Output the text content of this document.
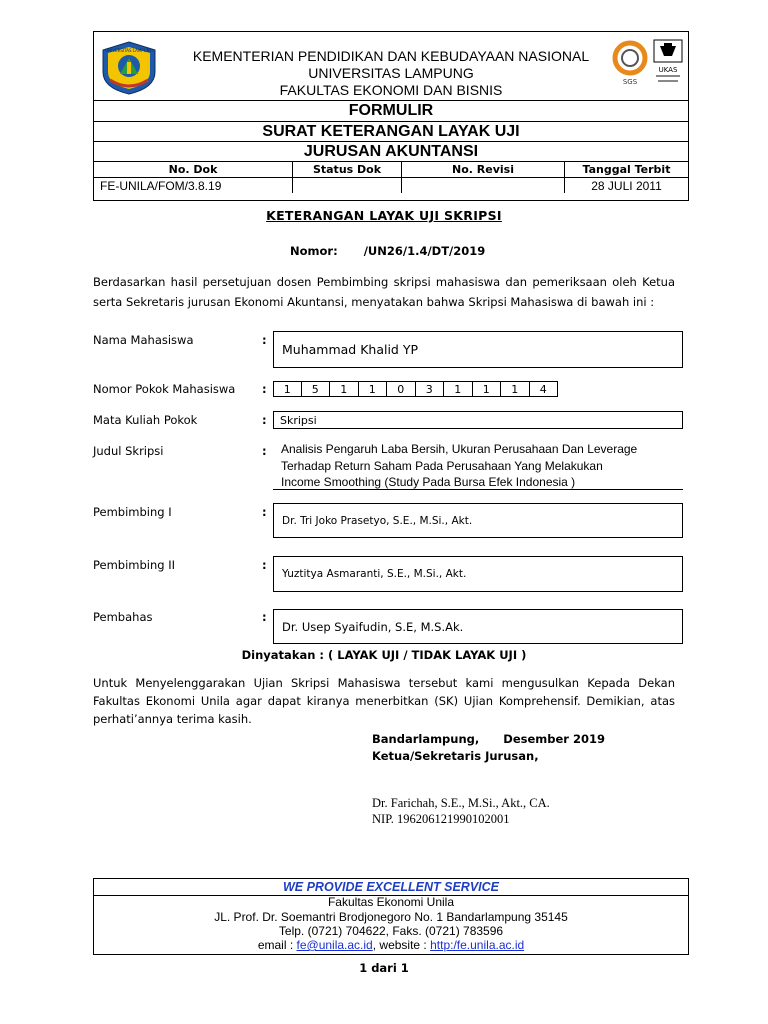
UNIVERSITAS LAMPUNG	KEMENTERIAN PENDIDIKAN DAN KEBUDAYAAN NASIONAL
UNIVERSITAS LAMPUNG
FAKULTAS EKONOMI DAN BISNIS	SGS
UKAS
FORMULIR
SURAT KETERANGAN LAYAK UJI
JURUSAN AKUNTANSI
No. Dok	Status Dok	No. Revisi	Tanggal Terbit
FE-UNILA/FOM/3.8.19			28 JULI 2011
KETERANGAN LAYAK UJI SKRIPSI
Nomor: /UN26/1.4/DT/2019
Berdasarkan hasil persetujuan dosen Pembimbing skripsi mahasiswa dan pemeriksaan oleh Ketua serta Sekretaris jurusan Ekonomi Akuntansi, menyatakan bahwa Skripsi Mahasiswa di bawah ini :
Nama Mahasiswa	:
Muhammad Khalid YP
Nomor Pokok Mahasiswa :	1	5	1	1	0	3	1	1	1	4
Mata Kuliah Pokok	:	Skripsi
Judul Skripsi	: Analisis Pengaruh Laba Bersih, Ukuran Perusahaan Dan Leverage
Terhadap Return Saham Pada Perusahaan Yang Melakukan
Income Smoothing (Study Pada Bursa Efek Indonesia )
Pembimbing I	:
Dr. Tri Joko Prasetyo, S.E., M.Si., Akt.
Pembimbing II	:
Yuztitya Asmaranti, S.E., M.Si., Akt.
Pembahas	:
Dr. Usep Syaifudin, S.E, M.S.Ak.
Dinyatakan : ( LAYAK UJI / TIDAK LAYAK UJI )
Untuk Menyelenggarakan Ujian Skripsi Mahasiswa tersebut kami mengusulkan Kepada Dekan Fakultas Ekonomi Unila agar dapat kiranya menerbitkan (SK) Ujian Komprehensif. Demikian, atas perhati’annya terima kasih.
Bandarlampung, Desember 2019
Ketua/Sekretaris Jurusan,
Dr. Farichah, S.E., M.Si., Akt., CA.
NIP. 196206121990102001
WE PROVIDE EXCELLENT SERVICE
Fakultas Ekonomi Unila
JL. Prof. Dr. Soemantri Brodjonegoro No. 1 Bandarlampung 35145
Telp. (0721) 704622, Faks. (0721) 783596
email : fe@unila.ac.id, website : http:/fe.unila.ac.id
1 dari 1
